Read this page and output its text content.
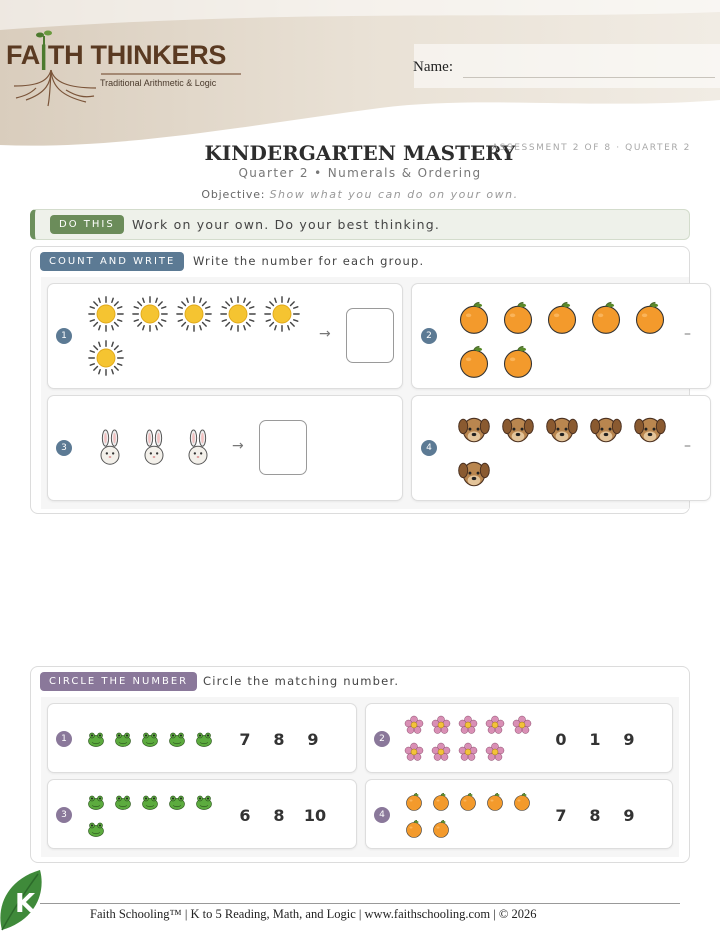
FA|
TH THINKERS
Traditional Arithmetic & Logic
Name:
KINDERGARTEN MASTERY
ASSESSMENT 2 OF 8 · QUARTER 2
Quarter 2 • Numerals & Ordering
Objective: Show what you can do on your own.
DO THIS	Work on your own. Do your best thinking.
COUNT AND WRITE	Write the number for each group.
1	→	2	–
3	→	4	–
CIRCLE THE NUMBER	Circle the matching number.
1	7	8	9	2	0	1	9
3	6	8	10	4	7	8	9
K	Faith Schooling™ | K to 5 Reading, Math, and Logic | www.faithschooling.com | © 2026
